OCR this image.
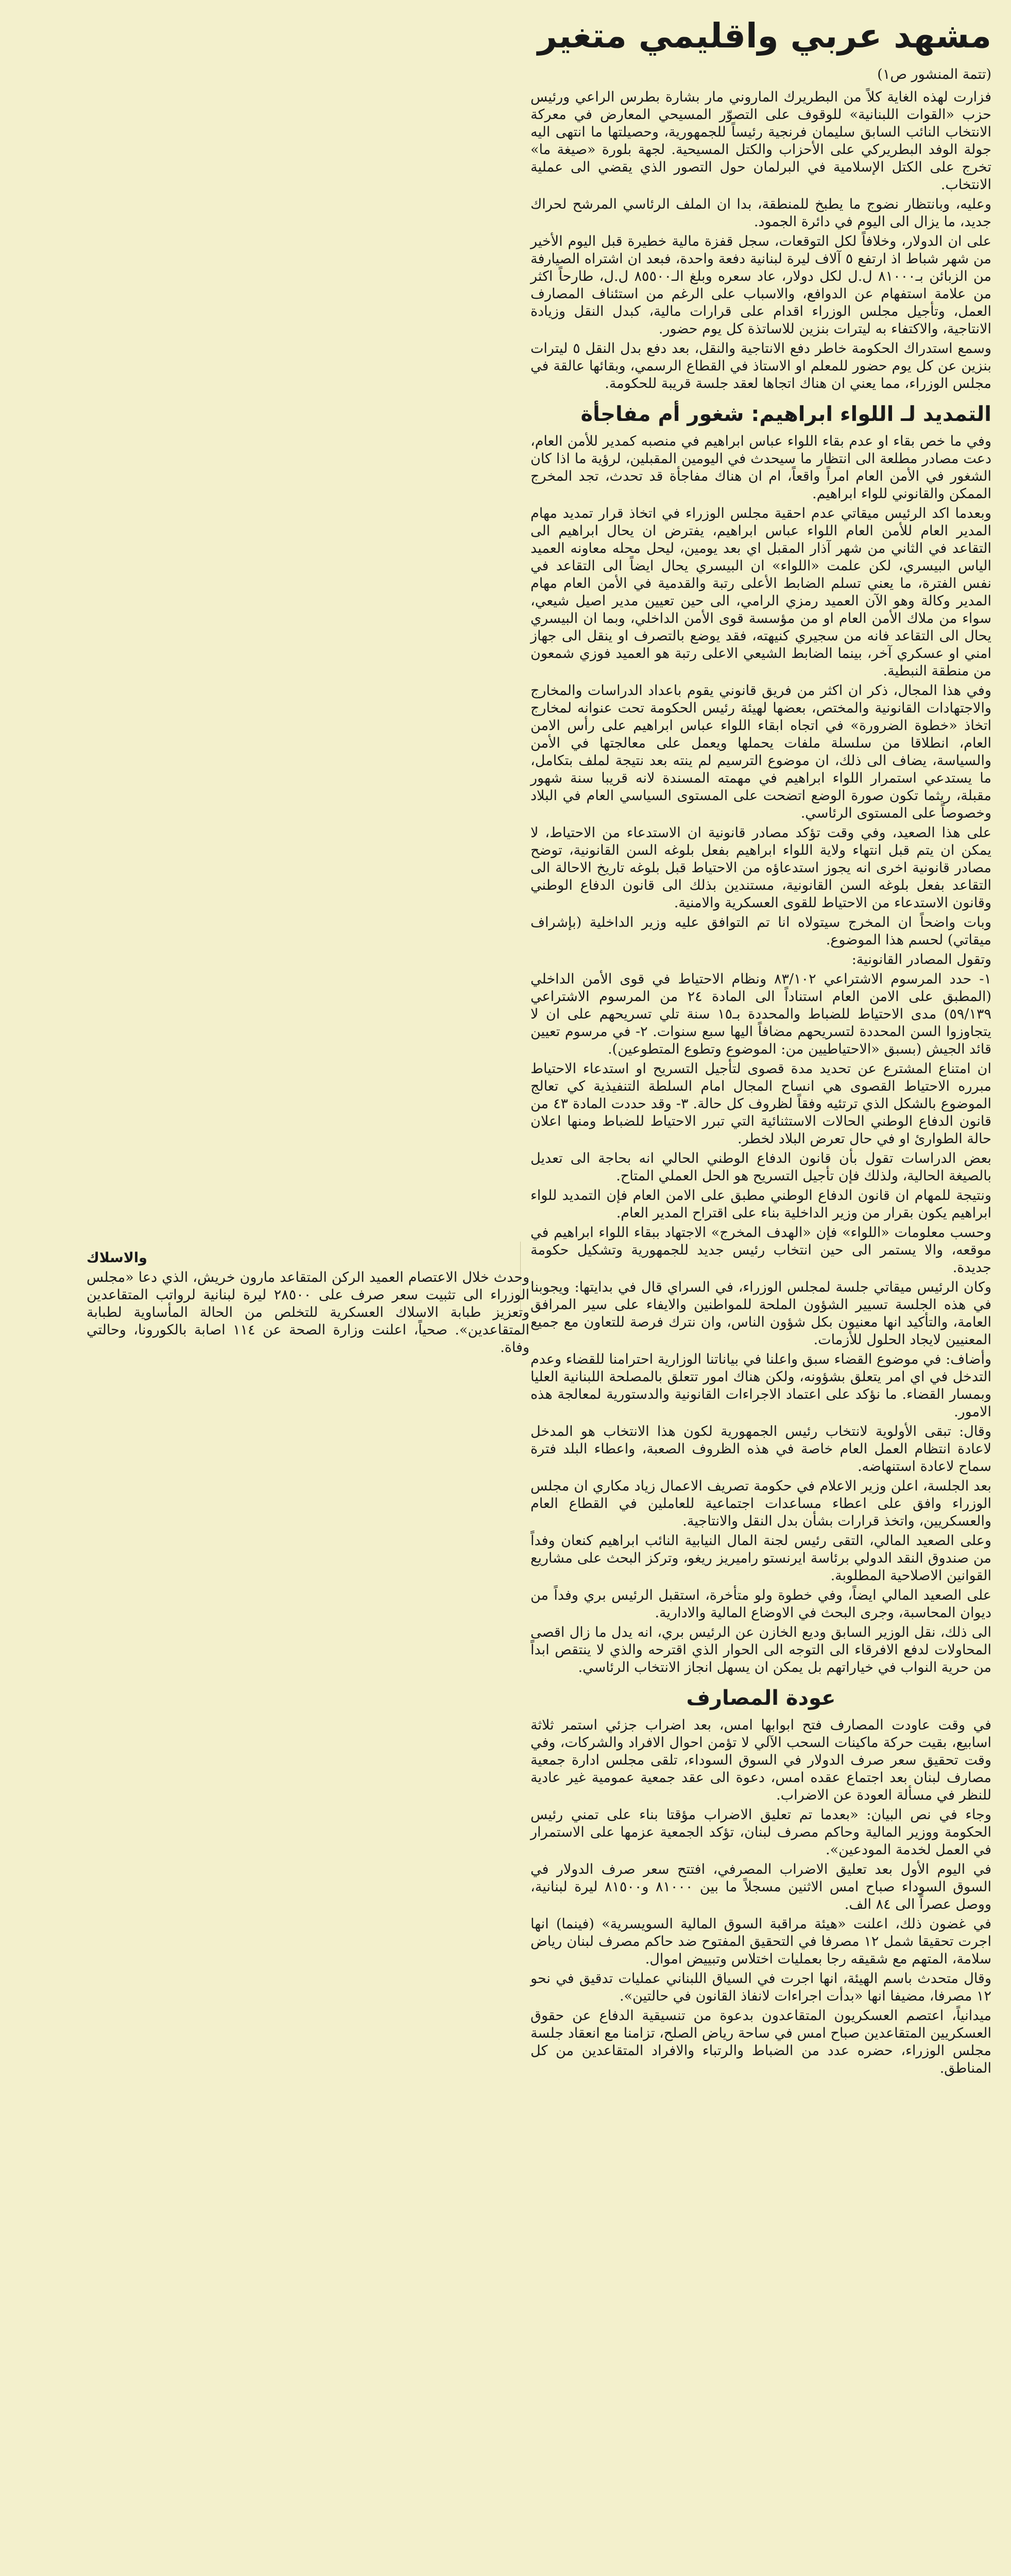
مشهد عربي واقليمي متغير

(تتمة المنشور ص١)

فزارت لهذه الغاية كلاً من البطريرك الماروني مار بشارة بطرس الراعي ورئيس حزب «القوات اللبنانية» للوقوف على التصوّر المسيحي المعارض في معركة الانتخاب النائب السابق سليمان فرنجية رئيساً للجمهورية، وحصيلتها ما انتهى اليه جولة الوفد البطريركي على الأحزاب والكتل المسيحية. لجهة بلورة «صيغة ما» تخرج على الكتل الإسلامية في البرلمان حول التصور الذي يقضي الى عملية الانتخاب.

وعليه، وبانتظار نضوج ما يطبخ للمنطقة، بدا ان الملف الرئاسي المرشح لحراك جديد، ما يزال الى اليوم في دائرة الجمود.

على ان الدولار، وخلافاً لكل التوقعات، سجل قفزة مالية خطيرة قبل اليوم الأخير من شهر شباط اذ ارتفع ٥ آلاف ليرة لبنانية دفعة واحدة، فبعد ان اشتراه الصيارفة من الزبائن بـ٨١٠٠٠ ل.ل لكل دولار، عاد سعره وبلغ الـ٨٥٥٠٠ ل.ل، طارحاً اكثر من علامة استفهام عن الدوافع، والاسباب على الرغم من استئناف المصارف العمل، وتأجيل مجلس الوزراء اقدام على قرارات مالية، كبدل النقل وزيادة الانتاجية، والاكتفاء به ليترات بنزين للاساتذة كل يوم حضور.

وسمع استدراك الحكومة خاطر دفع الانتاجية والنقل، بعد دفع بدل النقل ٥ ليترات بنزين عن كل يوم حضور للمعلم او الاستاذ في القطاع الرسمي، وبقائها عالقة في مجلس الوزراء، مما يعني ان هناك اتجاها لعقد جلسة قريبة للحكومة.

التمديد لـ اللواء ابراهيم: شغور أم مفاجأة

وفي ما خص بقاء او عدم بقاء اللواء عباس ابراهيم في منصبه كمدير للأمن العام، دعت مصادر مطلعة الى انتظار ما سيحدث في اليومين المقبلين، لرؤية ما اذا كان الشغور في الأمن العام امراً واقعاً، ام ان هناك مفاجأة قد تحدث، تجد المخرج الممكن والقانوني للواء ابراهيم.

وبعدما اكد الرئيس ميقاتي عدم احقية مجلس الوزراء في اتخاذ قرار تمديد مهام المدير العام للأمن العام اللواء عباس ابراهيم، يفترض ان يحال ابراهيم الى التقاعد في الثاني من شهر آذار المقبل اي بعد يومين، ليحل محله معاونه العميد الياس البيسري، لكن علمت «اللواء» ان البيسري يحال ايضاً الى التقاعد في نفس الفترة، ما يعني تسلم الضابط الأعلى رتبة والقدمية في الأمن العام مهام المدير وكالة وهو الآن العميد رمزي الرامي، الى حين تعيين مدير اصيل شيعي، سواء من ملاك الأمن العام او من مؤسسة قوى الأمن الداخلي، وبما ان البيسري يحال الى التقاعد فانه من سجيري كنيهته، فقد يوضع بالتصرف او ينقل الى جهاز امني او عسكري آخر، بينما الضابط الشيعي الاعلى رتبة هو العميد فوزي شمعون من منطقة النبطية.

وفي هذا المجال، ذكر ان اكثر من فريق قانوني يقوم باعداد الدراسات والمخارج والاجتهادات القانونية والمختص، بعضها لهيئة رئيس الحكومة تحت عنوانه لمخارج اتخاذ «خطوة الضرورة» في اتجاه ابقاء اللواء عباس ابراهيم على رأس الامن العام، انطلاقا من سلسلة ملفات يحملها ويعمل على معالجتها في الأمن والسياسة، يضاف الى ذلك، ان موضوع الترسيم لم ينته بعد نتيجة لملف بتكامل، ما يستدعي استمرار اللواء ابراهيم في مهمته المسندة لانه قريبا سنة شهور مقبلة، ريثما تكون صورة الوضع اتضحت على المستوى السياسي العام في البلاد وخصوصاً على المستوى الرئاسي.

على هذا الصعيد، وفي وقت تؤكد مصادر قانونية ان الاستدعاء من الاحتياط، لا يمكن ان يتم قبل انتهاء ولاية اللواء ابراهيم بفعل بلوغه السن القانونية، توضح مصادر قانونية اخرى انه يجوز استدعاؤه من الاحتياط قبل بلوغه تاريخ الاحالة الى التقاعد بفعل بلوغه السن القانونية، مستندين بذلك الى قانون الدفاع الوطني وقانون الاستدعاء من الاحتياط للقوى العسكرية والامنية.

وبات واضحاً ان المخرج سيتولاه انا تم التوافق عليه وزير الداخلية (بإشراف ميقاتي) لحسم هذا الموضوع.

وتقول المصادر القانونية:

١- حدد المرسوم الاشتراعي ٨٣/١٠٢ ونظام الاحتياط في قوى الأمن الداخلي (المطبق على الامن العام استناداً الى المادة ٢٤ من المرسوم الاشتراعي ٥٩/١٣٩) مدى الاحتياط للضباط والمحددة بـ١٥ سنة تلي تسريحهم على ان لا يتجاوزوا السن المحددة لتسريحهم مضافاً اليها سبع سنوات. ٢- في مرسوم تعيين قائد الجيش (بسبق «الاحتياطيين من: الموضوع وتطوع المتطوعين).

ان امتناع المشترع عن تحديد مدة قصوى لتأجيل التسريح او استدعاء الاحتياط مبرره الاحتياط القصوى هي انساح المجال امام السلطة التنفيذية كي تعالج الموضوع بالشكل الذي ترتئيه وفقاً لظروف كل حالة. ٣- وقد حددت المادة ٤٣ من قانون الدفاع الوطني الحالات الاستثنائية التي تبرر الاحتياط للضباط ومنها اعلان حالة الطوارئ او في حال تعرض البلاد لخطر.

بعض الدراسات تقول بأن قانون الدفاع الوطني الحالي انه بحاجة الى تعديل بالصيغة الحالية، ولذلك فإن تأجيل التسريح هو الحل العملي المتاح.

ونتيجة للمهام ان قانون الدفاع الوطني مطبق على الامن العام فإن التمديد للواء ابراهيم يكون بقرار من وزير الداخلية بناء على اقتراح المدير العام.

وحسب معلومات «اللواء» فإن «الهدف المخرج» الاجتهاد ببقاء اللواء ابراهيم في موقعه، والا يستمر الى حين انتخاب رئيس جديد للجمهورية وتشكيل حكومة جديدة.

وكان الرئيس ميقاتي جلسة لمجلس الوزراء، في السراي قال في بدايتها: ويجوبنا في هذه الجلسة تسيير الشؤون الملحة للمواطنين والايفاء على سير المرافق العامة، والتأكيد انها معنيون بكل شؤون الناس، وان نترك فرصة للتعاون مع جميع المعنيين لايجاد الحلول للأزمات.

وأضاف: في موضوع القضاء سبق واعلنا في بياناتنا الوزارية احترامنا للقضاء وعدم التدخل في اي امر يتعلق بشؤونه، ولكن هناك امور تتعلق بالمصلحة اللبنانية العليا وبمسار القضاء. ما نؤكد على اعتماد الاجراءات القانونية والدستورية لمعالجة هذه الامور.

وقال: تبقى الأولوية لانتخاب رئيس الجمهورية لكون هذا الانتخاب هو المدخل لاعادة انتظام العمل العام خاصة في هذه الظروف الصعبة، واعطاء البلد فترة سماح لاعادة استنهاضه.

بعد الجلسة، اعلن وزير الاعلام في حكومة تصريف الاعمال زياد مكاري ان مجلس الوزراء وافق على اعطاء مساعدات اجتماعية للعاملين في القطاع العام والعسكريين، واتخذ قرارات بشأن بدل النقل والانتاجية.

وعلى الصعيد المالي، التقى رئيس لجنة المال النيابية النائب ابراهيم كنعان وفداً من صندوق النقد الدولي برئاسة ايرنستو راميريز ريغو، وتركز البحث على مشاريع القوانين الاصلاحية المطلوبة.

على الصعيد المالي ايضاً، وفي خطوة ولو متأخرة، استقبل الرئيس بري وفداً من ديوان المحاسبة، وجرى البحث في الاوضاع المالية والادارية.

الى ذلك، نقل الوزير السابق وديع الخازن عن الرئيس بري، انه يدل ما زال اقصى المحاولات لدفع الافرقاء الى التوجه الى الحوار الذي اقترحه والذي لا ينتقص ابداً من حرية النواب في خياراتهم بل يمكن ان يسهل انجاز الانتخاب الرئاسي.

عودة المصارف

في وقت عاودت المصارف فتح ابوابها امس، بعد اضراب جزئي استمر ثلاثة اسابيع، بقيت حركة ماكينات السحب الآلي لا تؤمن احوال الافراد والشركات، وفي وقت تحقيق سعر صرف الدولار في السوق السوداء، تلقى مجلس ادارة جمعية مصارف لبنان بعد اجتماع عقده امس، دعوة الى عقد جمعية عمومية غير عادية للنظر في مسألة العودة عن الاضراب.

وجاء في نص البيان: «بعدما تم تعليق الاضراب مؤقتا بناء على تمني رئيس الحكومة ووزير المالية وحاكم مصرف لبنان، تؤكد الجمعية عزمها على الاستمرار في العمل لخدمة المودعين».

في اليوم الأول بعد تعليق الاضراب المصرفي، افتتح سعر صرف الدولار في السوق السوداء صباح امس الاثنين مسجلاً ما بين ٨١٠٠٠ و٨١٥٠٠ ليرة لبنانية، ووصل عصراً الى ٨٤ الف.

في غضون ذلك، اعلنت «هيئة مراقبة السوق المالية السويسرية» (فينما) انها اجرت تحقيقا شمل ١٢ مصرفا في التحقيق المفتوح ضد حاكم مصرف لبنان رياض سلامة، المتهم مع شقيقه رجا بعمليات اختلاس وتبييض اموال.

وقال متحدث باسم الهيئة، انها اجرت في السياق اللبناني عمليات تدقيق في نحو ١٢ مصرفا، مضيفا انها «بدأت اجراءات لانفاذ القانون في حالتين».

ميدانياً، اعتصم العسكريون المتقاعدون بدعوة من تنسيقية الدفاع عن حقوق العسكريين المتقاعدين صباح امس في ساحة رياض الصلح، تزامنا مع انعقاد جلسة مجلس الوزراء، حضره عدد من الضباط والرتباء والافراد المتقاعدين من كل المناطق.

والاسلاك

وحدث خلال الاعتصام العميد الركن المتقاعد مارون خريش، الذي دعا «مجلس الوزراء الى تثبيت سعر صرف على ٢٨٥٠٠ ليرة لبنانية لرواتب المتقاعدين وتعزيز طبابة الاسلاك العسكرية للتخلص من الحالة المأساوية لطبابة المتقاعدين». صحياً، اعلنت وزارة الصحة عن ١١٤ اصابة بالكورونا، وحالتي وفاة.
